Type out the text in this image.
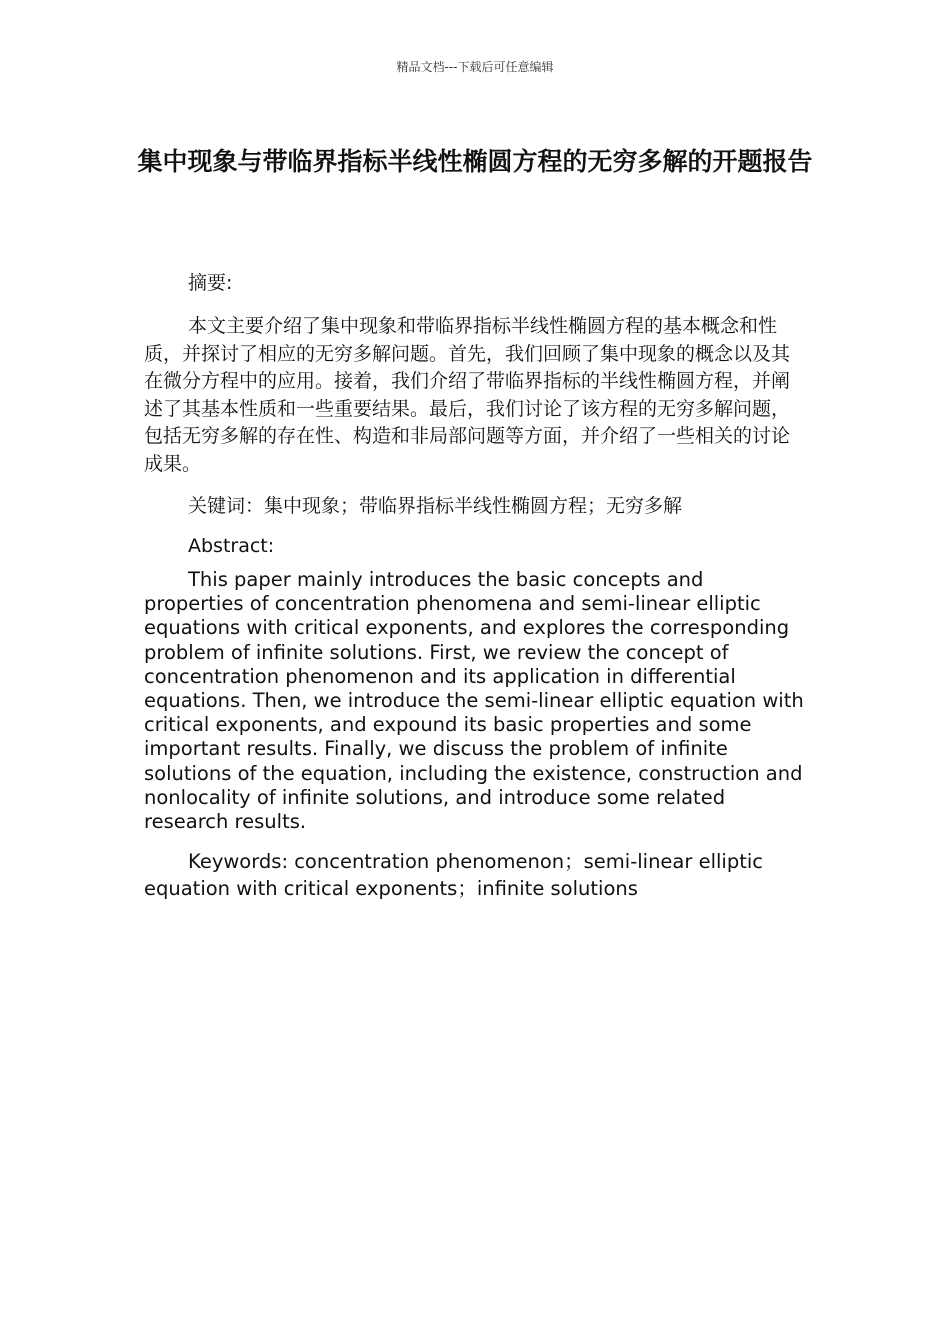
精品文档---下载后可任意编辑
集中现象与带临界指标半线性椭圆方程的无穷多解的开题报告

摘要:

本文主要介绍了集中现象和带临界指标半线性椭圆方程的基本概念和性质，并探讨了相应的无穷多解问题。首先，我们回顾了集中现象的概念以及其在微分方程中的应用。接着，我们介绍了带临界指标的半线性椭圆方程，并阐述了其基本性质和一些重要结果。最后，我们讨论了该方程的无穷多解问题，包括无穷多解的存在性、构造和非局部问题等方面，并介绍了一些相关的讨论成果。

关键词：集中现象；带临界指标半线性椭圆方程；无穷多解

Abstract:

This paper mainly introduces the basic concepts and properties of concentration phenomena and semi-linear elliptic equations with critical exponents, and explores the corresponding problem of infinite solutions. First, we review the concept of concentration phenomenon and its application in differential equations. Then, we introduce the semi-linear elliptic equation with critical exponents, and expound its basic properties and some important results. Finally, we discuss the problem of infinite solutions of the equation, including the existence, construction and nonlocality of infinite solutions, and introduce some related research results.

Keywords: concentration phenomenon；semi-linear elliptic equation with critical exponents；infinite solutions
